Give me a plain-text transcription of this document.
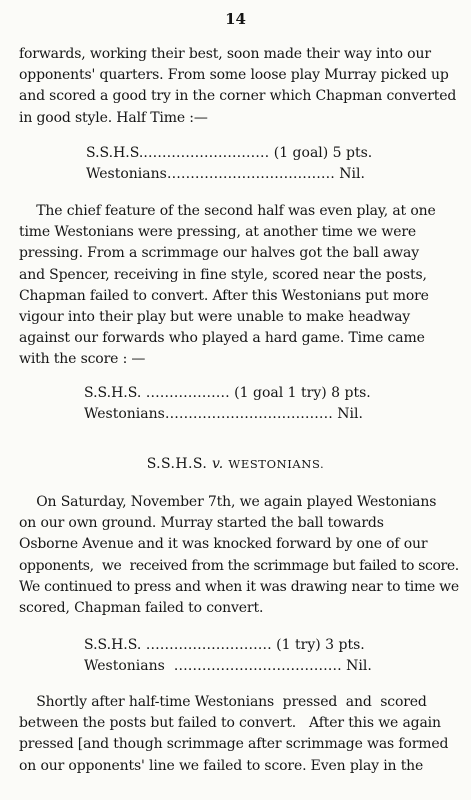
14

forwards, working their best, soon made their way into our
opponents' quarters. From some loose play Murray picked up
and scored a good try in the corner which Chapman converted
in good style. Half Time :—

S.S.H.S.……………………… (1 goal) 5 pts.
Westonians……………………………… Nil.

The chief feature of the second half was even play, at one
time Westonians were pressing, at another time we were
pressing. From a scrimmage our halves got the ball away
and Spencer, receiving in fine style, scored near the posts,
Chapman failed to convert. After this Westonians put more
vigour into their play but were unable to make headway
against our forwards who played a hard game. Time came
with the score : —

S.S.H.S. ……………… (1 goal 1 try) 8 pts.
Westonians……………………………… Nil.
S.S.H.S. v. WESTONIANS.

On Saturday, November 7th, we again played Westonians
on our own ground. Murray started the ball towards
Osborne Avenue and it was knocked forward by one of our
opponents,  we  received from the scrimmage but failed to score.
We continued to press and when it was drawing near to time we
scored, Chapman failed to convert.

S.S.H.S. ……………………… (1 try) 3 pts.
Westonians  ……………………………… Nil.

Shortly after half-time Westonians  pressed  and  scored
between the posts but failed to convert.   After this we again
pressed [and though scrimmage after scrimmage was formed
on our opponents' line we failed to score. Even play in the
